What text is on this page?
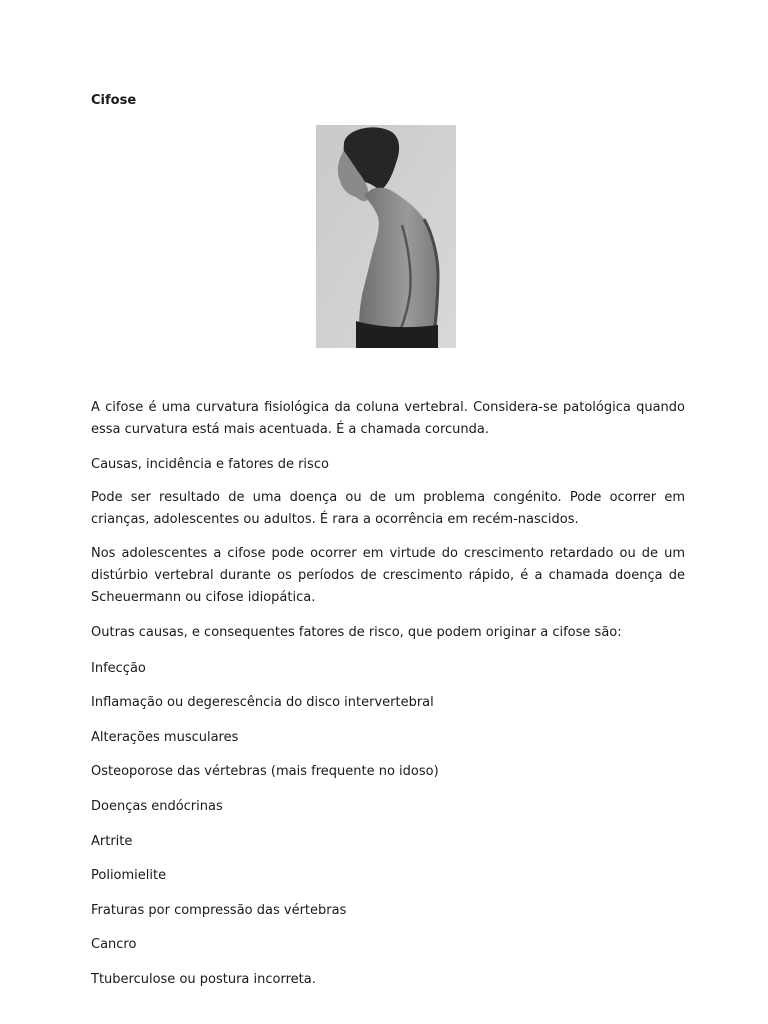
Cifose

A cifose é uma curvatura fisiológica da coluna vertebral. Considera-se patológica quando essa curvatura está mais acentuada. É a chamada corcunda.

Causas, incidência e fatores de risco

Pode ser resultado de uma doença ou de um problema congénito. Pode ocorrer em crianças, adolescentes ou adultos. É rara a ocorrência em recém-nascidos.

Nos adolescentes a cifose pode ocorrer em virtude do crescimento retardado ou de um distúrbio vertebral durante os períodos de crescimento rápido, é a chamada doença de Scheuermann ou cifose idiopática.

Outras causas, e consequentes fatores de risco, que podem originar a cifose são:

Infecção

Inflamação ou degerescência do disco intervertebral

Alterações musculares

Osteoporose das vértebras (mais frequente no idoso)

Doenças endócrinas

Artrite

Poliomielite

Fraturas por compressão das vértebras

Cancro

Ttuberculose ou postura incorreta.
